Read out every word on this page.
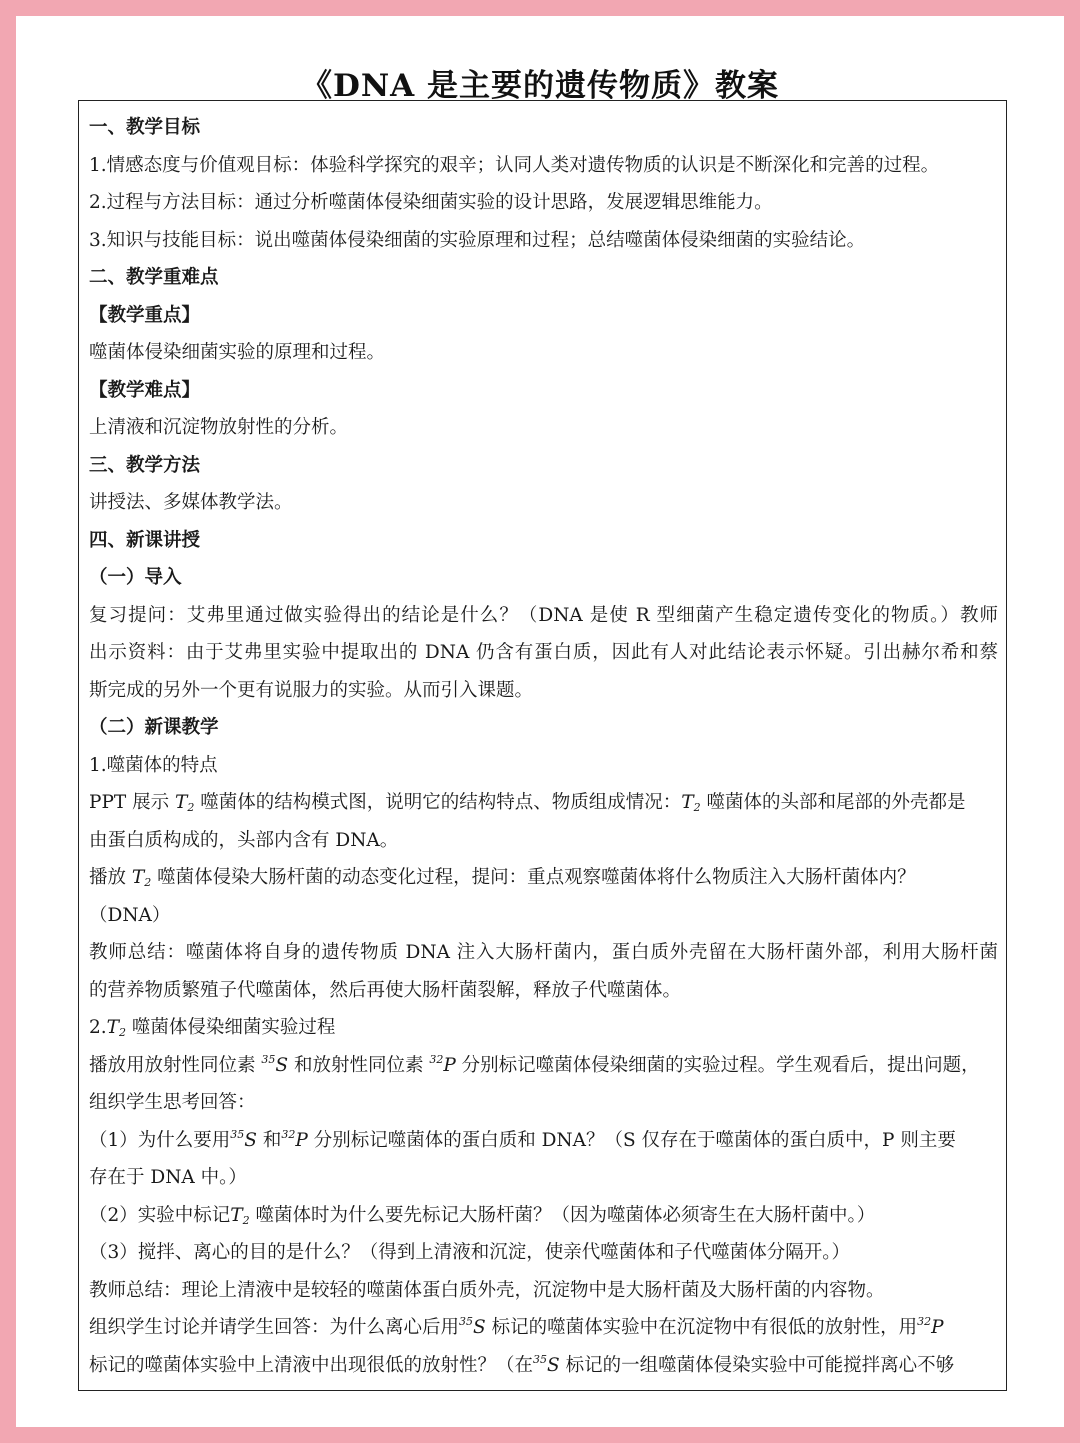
《DNA 是主要的遗传物质》教案
一、教学目标
1.情感态度与价值观目标：体验科学探究的艰辛；认同人类对遗传物质的认识是不断深化和完善的过程。
2.过程与方法目标：通过分析噬菌体侵染细菌实验的设计思路，发展逻辑思维能力。
3.知识与技能目标：说出噬菌体侵染细菌的实验原理和过程；总结噬菌体侵染细菌的实验结论。
二、教学重难点
【教学重点】
噬菌体侵染细菌实验的原理和过程。
【教学难点】
上清液和沉淀物放射性的分析。
三、教学方法
讲授法、多媒体教学法。
四、新课讲授
（一）导入
复习提问：艾弗里通过做实验得出的结论是什么？（DNA 是使 R 型细菌产生稳定遗传变化的物质。）教师
出示资料：由于艾弗里实验中提取出的 DNA 仍含有蛋白质，因此有人对此结论表示怀疑。引出赫尔希和蔡
斯完成的另外一个更有说服力的实验。从而引入课题。
（二）新课教学
1.噬菌体的特点
PPT 展示 $T_2$ 噬菌体的结构模式图，说明它的结构特点、物质组成情况：$T_2$ 噬菌体的头部和尾部的外壳都是
由蛋白质构成的，头部内含有 DNA。
播放 $T_2$ 噬菌体侵染大肠杆菌的动态变化过程，提问：重点观察噬菌体将什么物质注入大肠杆菌体内？
（DNA）
教师总结：噬菌体将自身的遗传物质 DNA 注入大肠杆菌内，蛋白质外壳留在大肠杆菌外部，利用大肠杆菌
的营养物质繁殖子代噬菌体，然后再使大肠杆菌裂解，释放子代噬菌体。
$2.T_2$ 噬菌体侵染细菌实验过程
播放用放射性同位素 $^{35}$S 和放射性同位素 $^{32}$P 分别标记噬菌体侵染细菌的实验过程。学生观看后，提出问题，
组织学生思考回答：
（1）为什么要用$^{35}$S 和$^{32}$P 分别标记噬菌体的蛋白质和 DNA？（S 仅存在于噬菌体的蛋白质中，P 则主要
存在于 DNA 中。）
（2）实验中标记$T_2$ 噬菌体时为什么要先标记大肠杆菌？（因为噬菌体必须寄生在大肠杆菌中。）
（3）搅拌、离心的目的是什么？（得到上清液和沉淀，使亲代噬菌体和子代噬菌体分隔开。）
教师总结：理论上清液中是较轻的噬菌体蛋白质外壳，沉淀物中是大肠杆菌及大肠杆菌的内容物。
组织学生讨论并请学生回答：为什么离心后用$^{35}$S 标记的噬菌体实验中在沉淀物中有很低的放射性，用$^{32}$P
标记的噬菌体实验中上清液中出现很低的放射性？（在$^{35}$S 标记的一组噬菌体侵染实验中可能搅拌离心不够
